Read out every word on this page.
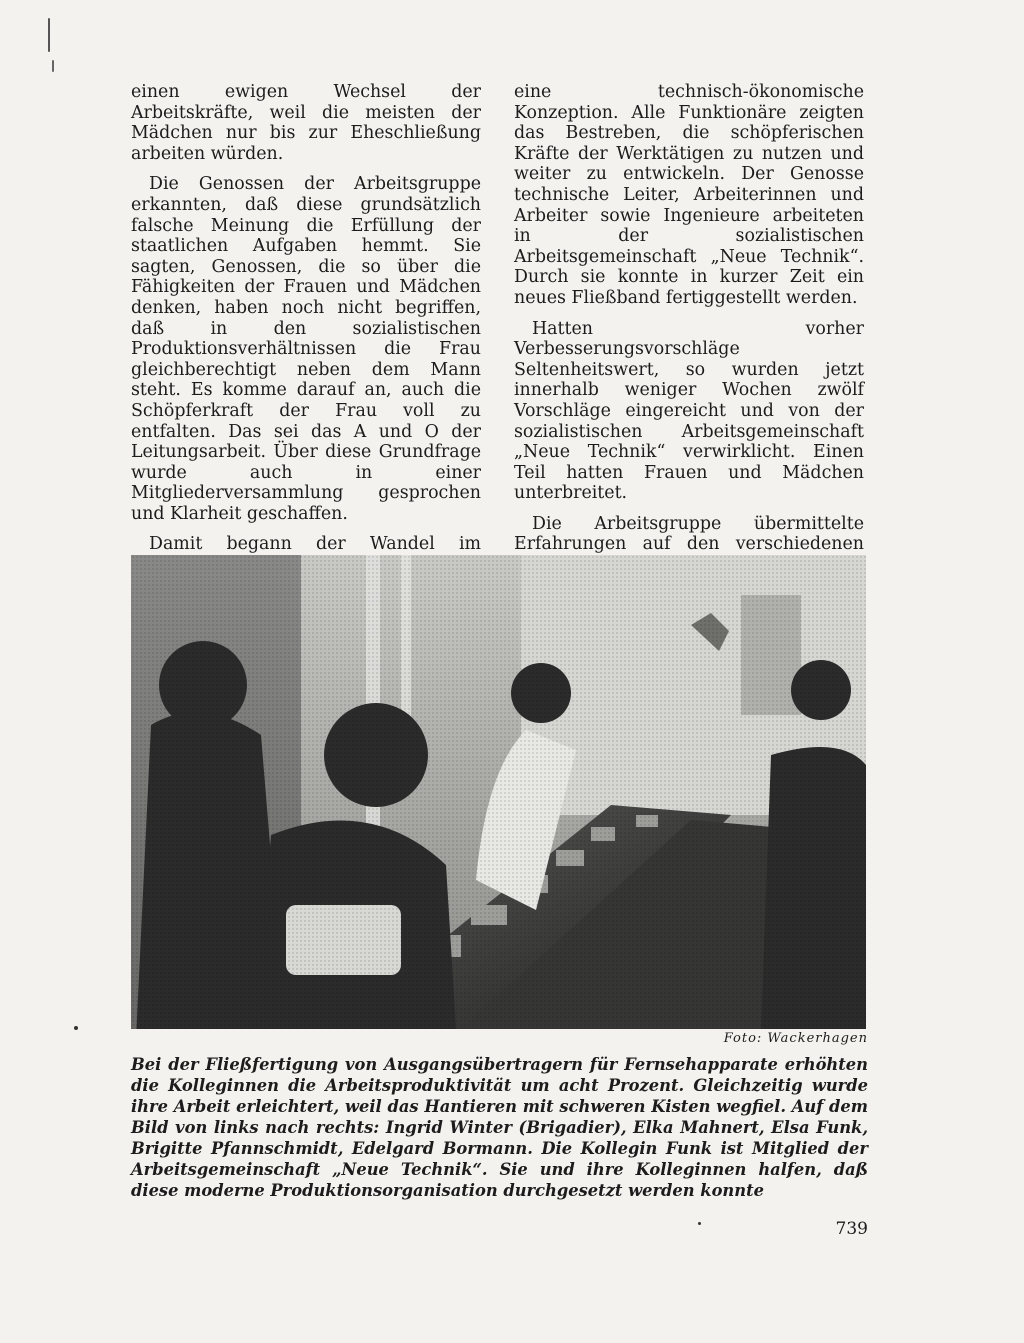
einen ewigen Wechsel der Arbeitskräfte, weil die meisten der Mädchen nur bis zur Eheschließung arbeiten würden.

Die Genossen der Arbeitsgruppe erkannten, daß diese grundsätzlich falsche Meinung die Erfüllung der staatlichen Aufgaben hemmt. Sie sagten, Genossen, die so über die Fähigkeiten der Frauen und Mädchen denken, haben noch nicht begriffen, daß in den sozialistischen Produktionsverhältnissen die Frau gleichberechtigt neben dem Mann steht. Es komme darauf an, auch die Schöpferkraft der Frau voll zu entfalten. Das sei das A und O der Leitungsarbeit. Über diese Grundfrage wurde auch in einer Mitgliederversammlung gesprochen und Klarheit geschaffen.

Damit begann der Wandel im

eine technisch-ökonomische Konzeption. Alle Funktionäre zeigten das Bestreben, die schöpferischen Kräfte der Werktätigen zu nutzen und weiter zu entwickeln. Der Genosse technische Leiter, Arbeiterinnen und Arbeiter sowie Ingenieure arbeiteten in der sozialistischen Arbeitsgemeinschaft „Neue Technik“. Durch sie konnte in kurzer Zeit ein neues Fließband fertiggestellt werden.

Hatten vorher Verbesserungsvorschläge Seltenheitswert, so wurden jetzt innerhalb weniger Wochen zwölf Vorschläge eingereicht und von der sozialistischen Arbeitsgemeinschaft „Neue Technik“ verwirklicht. Einen Teil hatten Frauen und Mädchen unterbreitet.

Die Arbeitsgruppe übermittelte Erfahrungen auf den verschiedenen

Foto: Wackerhagen

Bei der Fließfertigung von Ausgangsübertragern für Fernsehapparate erhöhten die Kolleginnen die Arbeitsproduktivität um acht Prozent. Gleichzeitig wurde ihre Arbeit erleichtert, weil das Hantieren mit schweren Kisten wegfiel. Auf dem Bild von links nach rechts: Ingrid Winter (Brigadier), Elka Mahnert, Elsa Funk, Brigitte Pfannschmidt, Edelgard Bormann. Die Kollegin Funk ist Mitglied der Arbeitsgemeinschaft „Neue Technik“. Sie und ihre Kolleginnen halfen, daß diese moderne Produktionsorganisation durchgesetzt werden konnte

739
